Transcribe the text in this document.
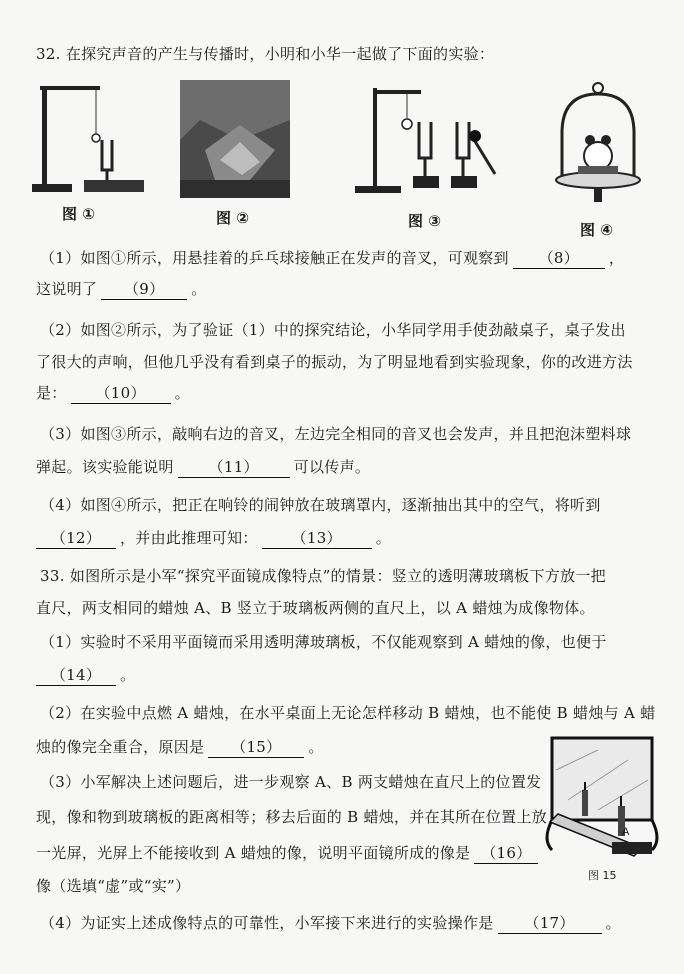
32. 在探究声音的产生与传播时，小明和小华一起做了下面的实验：
图 ①	图 ②	图 ③	图 ④
（1）如图①所示，用悬挂着的乒乓球接触正在发声的音叉，可观察到 （8） ，
这说明了 （9） 。
（2）如图②所示，为了验证（1）中的探究结论，小华同学用手使劲敲桌子，桌子发出
了很大的声响，但他几乎没有看到桌子的振动，为了明显地看到实验现象，你的改进方法
是： （10） 。
（3）如图③所示，敲响右边的音叉，左边完全相同的音叉也会发声，并且把泡沫塑料球
弹起。该实验能说明 （11） 可以传声。
（4）如图④所示，把正在响铃的闹钟放在玻璃罩内，逐渐抽出其中的空气，将听到
（12） ，并由此推理可知： （13） 。
33. 如图所示是小军“探究平面镜成像特点”的情景：竖立的透明薄玻璃板下方放一把
直尺，两支相同的蜡烛 A、B 竖立于玻璃板两侧的直尺上，以 A 蜡烛为成像物体。
（1）实验时不采用平面镜而采用透明薄玻璃板，不仅能观察到 A 蜡烛的像，也便于
（14） 。
（2）在实验中点燃 A 蜡烛，在水平桌面上无论怎样移动 B 蜡烛，也不能使 B 蜡烛与 A 蜡
烛的像完全重合，原因是 （15） 。
（3）小军解决上述问题后，进一步观察 A、B 两支蜡烛在直尺上的位置发
现，像和物到玻璃板的距离相等；移去后面的 B 蜡烛，并在其所在位置上放
一光屏，光屏上不能接收到 A 蜡烛的像，说明平面镜所成的像是 （16）
像（选填“虚”或“实”）
A
图 15
（4）为证实上述成像特点的可靠性，小军接下来进行的实验操作是 （17） 。
